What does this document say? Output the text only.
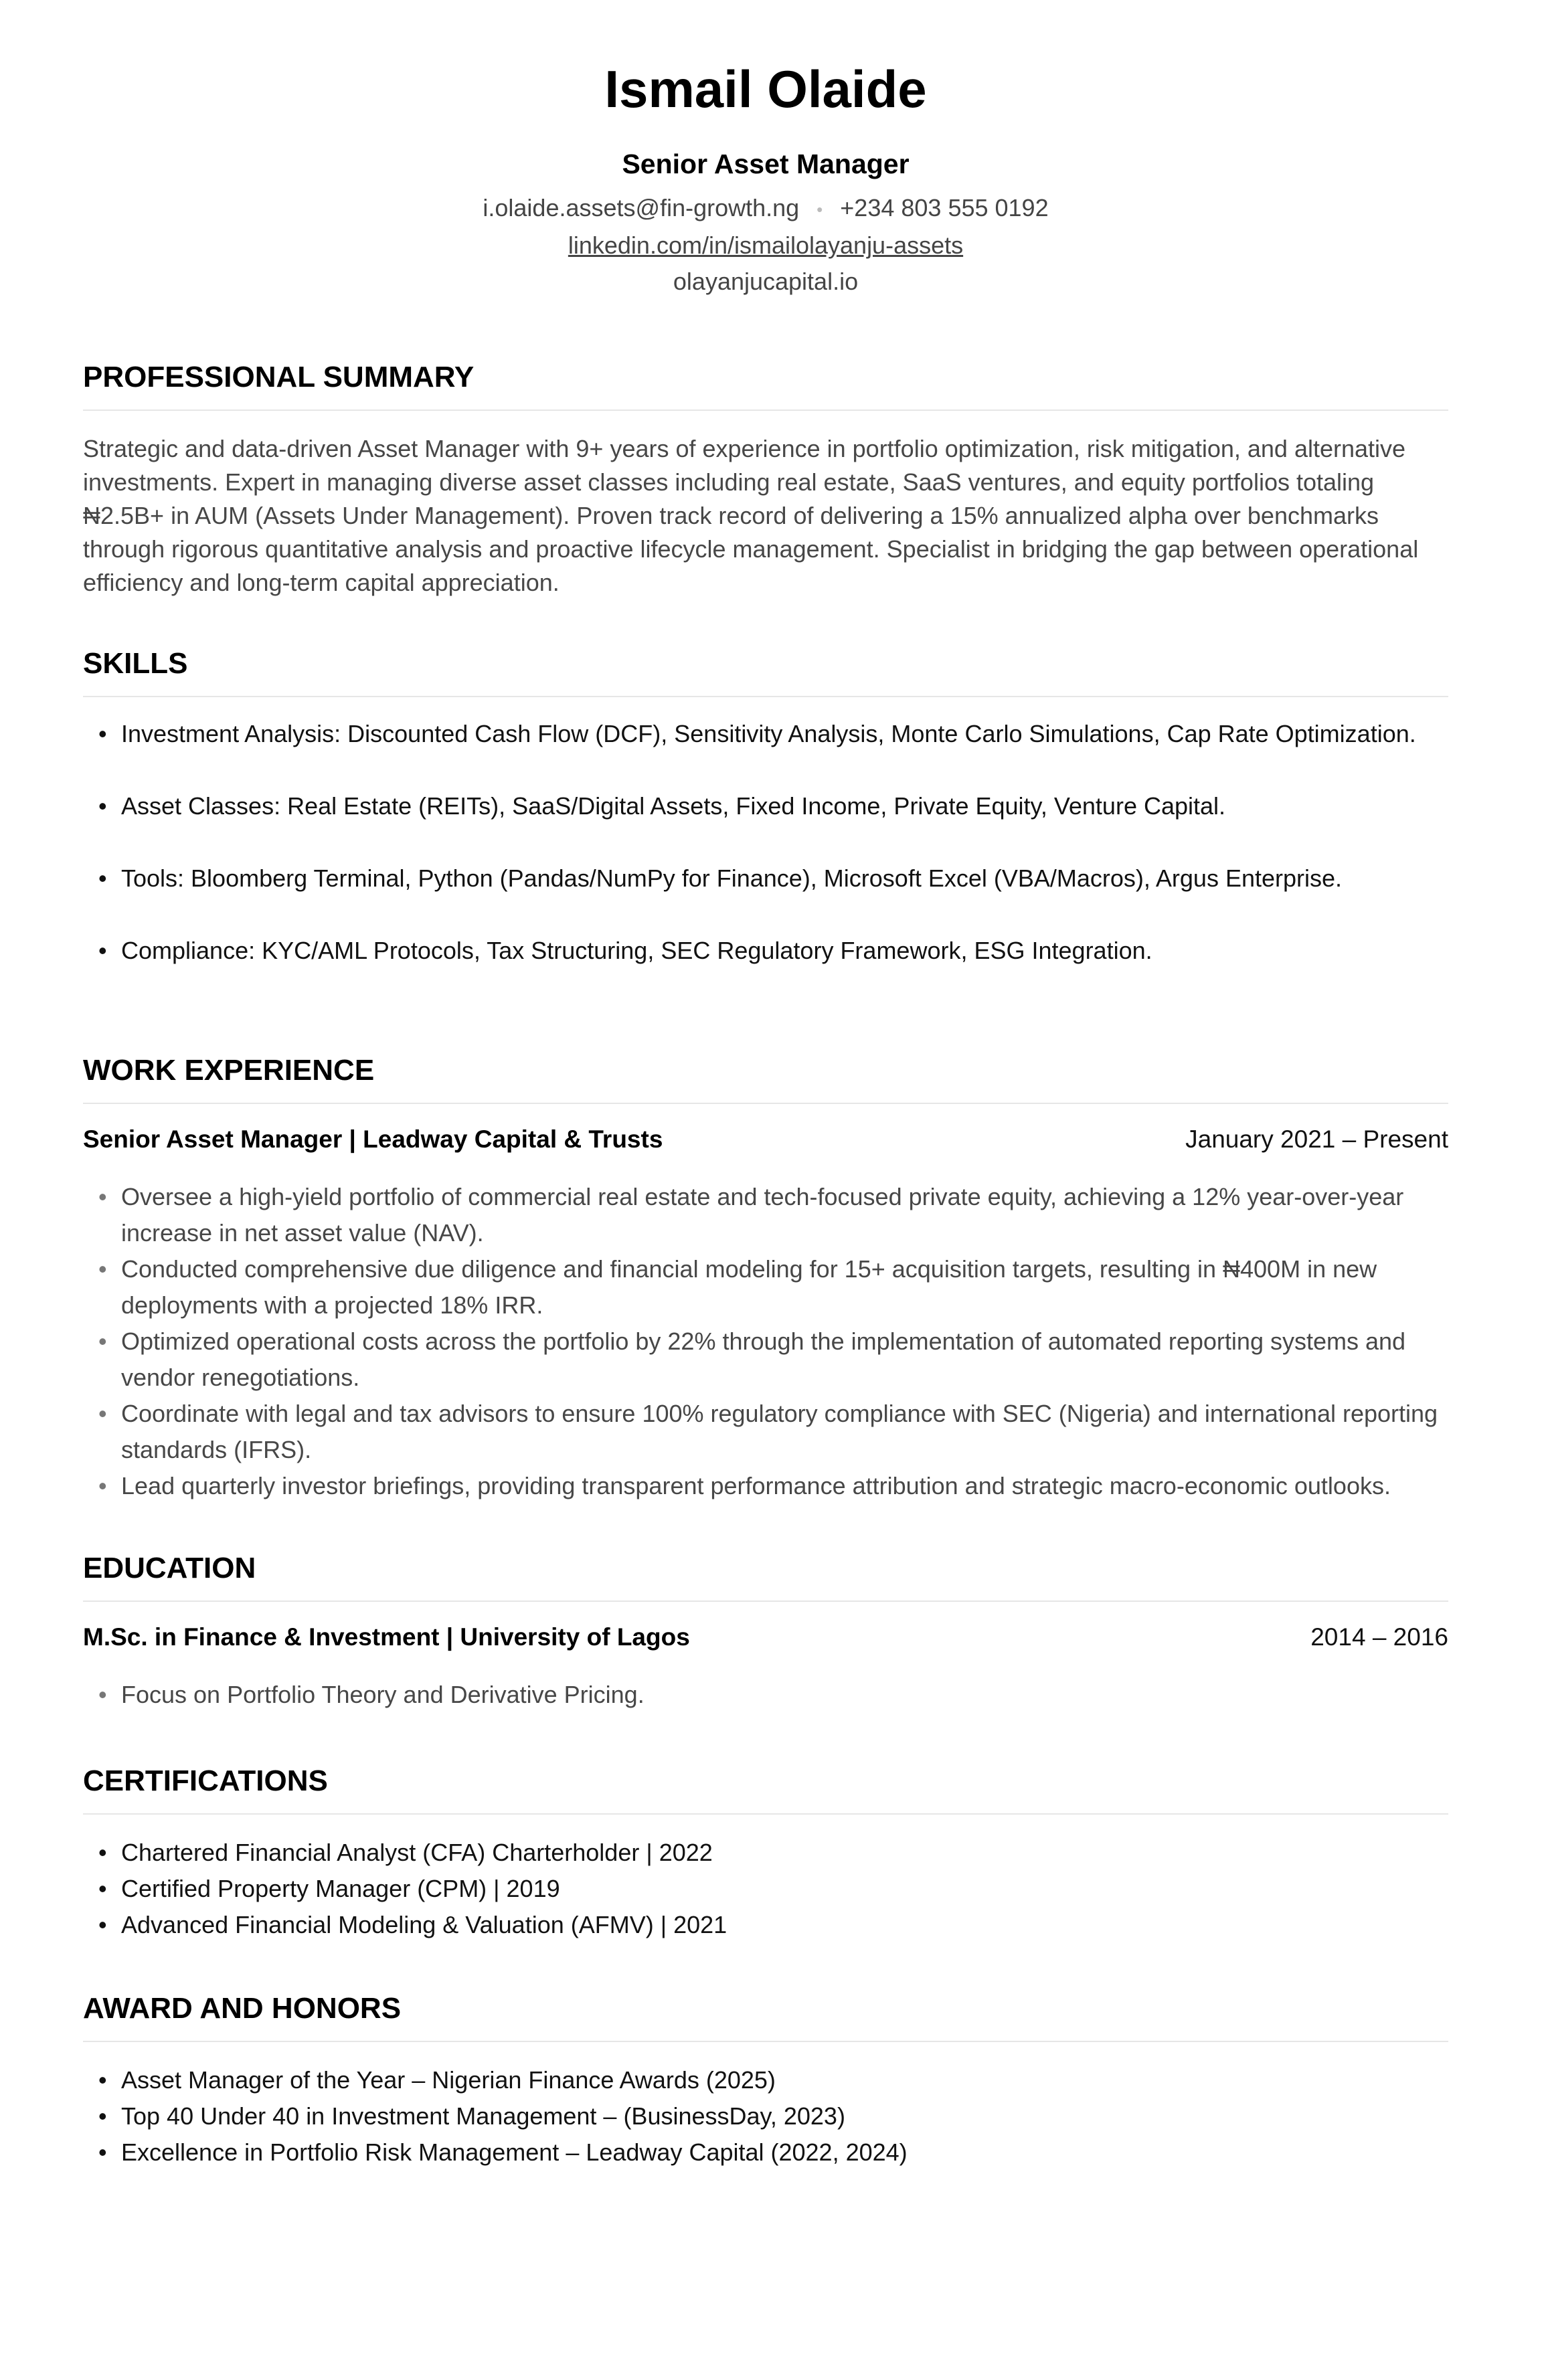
Ismail Olaide
Senior Asset Manager
i.olaide.assets@fin-growth.ng • +234 803 555 0192
linkedin.com/in/ismailolayanju-assets
olayanjucapital.io
PROFESSIONAL SUMMARY
Strategic and data-driven Asset Manager with 9+ years of experience in portfolio optimization, risk mitigation, and alternative investments. Expert in managing diverse asset classes including real estate, SaaS ventures, and equity portfolios totaling ₦2.5B+ in AUM (Assets Under Management). Proven track record of delivering a 15% annualized alpha over benchmarks through rigorous quantitative analysis and proactive lifecycle management. Specialist in bridging the gap between operational efficiency and long-term capital appreciation.
SKILLS
• Investment Analysis: Discounted Cash Flow (DCF), Sensitivity Analysis, Monte Carlo Simulations, Cap Rate Optimization.
• Asset Classes: Real Estate (REITs), SaaS/Digital Assets, Fixed Income, Private Equity, Venture Capital.
• Tools: Bloomberg Terminal, Python (Pandas/NumPy for Finance), Microsoft Excel (VBA/Macros), Argus Enterprise.
• Compliance: KYC/AML Protocols, Tax Structuring, SEC Regulatory Framework, ESG Integration.
WORK EXPERIENCE
Senior Asset Manager | Leadway Capital & Trusts	January 2021 – Present
• Oversee a high-yield portfolio of commercial real estate and tech-focused private equity, achieving a 12% year-over-year increase in net asset value (NAV).
• Conducted comprehensive due diligence and financial modeling for 15+ acquisition targets, resulting in ₦400M in new deployments with a projected 18% IRR.
• Optimized operational costs across the portfolio by 22% through the implementation of automated reporting systems and vendor renegotiations.
• Coordinate with legal and tax advisors to ensure 100% regulatory compliance with SEC (Nigeria) and international reporting standards (IFRS).
• Lead quarterly investor briefings, providing transparent performance attribution and strategic macro-economic outlooks.
EDUCATION
M.Sc. in Finance & Investment | University of Lagos	2014 – 2016
• Focus on Portfolio Theory and Derivative Pricing.
CERTIFICATIONS
• Chartered Financial Analyst (CFA) Charterholder | 2022
• Certified Property Manager (CPM) | 2019
• Advanced Financial Modeling & Valuation (AFMV) | 2021
AWARD AND HONORS
• Asset Manager of the Year – Nigerian Finance Awards (2025)
• Top 40 Under 40 in Investment Management – (BusinessDay, 2023)
• Excellence in Portfolio Risk Management – Leadway Capital (2022, 2024)
